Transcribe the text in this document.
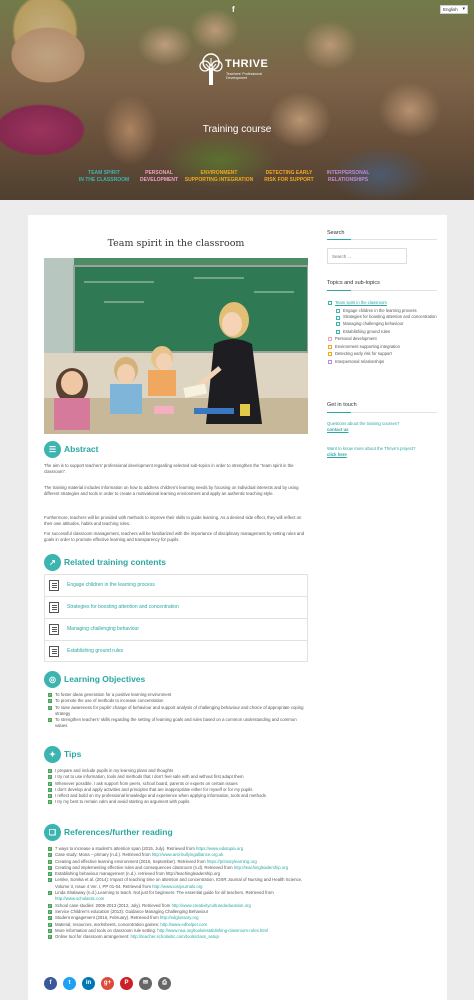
f	English ▾
THRIVE
Teachers' Professional Development
Training course
TEAM SPIRIT
IN THE CLASSROOM
PERSONAL
DEVELOPMENT
ENVIRONMENT
SUPPORTING INTEGRATION
DETECTING EARLY
RISK FOR SUPPORT
INTERPERSONAL
RELATIONSHIPS
Team spirit in the classroom
☰ Abstract
The aim is to support teachers' professional development regarding selected sub-topics in order to strengthen the "team spirit in the classroom".
The training material includes information on how to address children's learning needs by focusing on individual interests and by using different strategies and tools in order to create a motivational learning environment and apply an authentic teaching style.
Furthermore, teachers will be provided with methods to improve their skills to guide learning. As a desired side effect, they will reflect on their own attitudes, habits and teaching roles.
For successful classroom management, teachers will be familiarized with the importance of disciplinary management by setting rules and goals in order to promote effective learning and transparency for pupils.
↗ Related training contents
Engage children in the learning process
Strategies for boosting attention and concentration
Managing challenging behaviour
Establishing ground rules
◎ Learning Objectives
✓ To foster ideas generation for a positive learning environment
✓ To promote the use of methods to increase concentration
✓ To raise awareness for pupils' change of behaviour and support analysis of challenging behaviour and choice of appropriate coping strategy
✓ To strengthen teachers' skills regarding the setting of learning goals and rules based on a common understanding and common values
✦ Tips
✓ I prepare and include pupils in my learning plans and thoughts
✓ I try not to use information, tools and methods that I don't feel safe with and without first adapt them
✓ Whenever possible, I ask support from peers, school board, parents or experts on certain issues
✓ I don't develop and apply activities and principles that are inappropriate either for myself or for my pupils
✓ I reflect and build on my professional knowledge and experience when applying information, tools and methods
✓ I try my best to remain calm and avoid starting an argument with pupils
❑ References/further reading
✓ 7 ways to increase a student's attention span (2015, July). Retrieved from https://www.edutopia.org
✓ Case study: Mona – primary (n.d.). Retrieved from http://www.anti-bullyingalliance.org.uk
✓ Creating and effective learning environment (2016, September). Retrieved from https://primarylearning.org
✓ Creating and implementing effective rules and consequences classroom (n.d). Retrieved from http://teachingleadership.org
✓ Establishing behaviour management (n.d.). retrieved from http://teachingleadership.org
✓ Lemke, Somka et al. (2014): Impact of teaching time on attention and concentration. IOSR Journal of Nursing and Health Science, Volume 3, Issue 4 Ver. I, PP 01-04. Retrieved from http://www.iosrjournals.org
✓ Linda Shalaway (n.d.).Learning to teach. Not just for beginners: The essential guide for all teachers. Retrieved from http://www.scholastic.com
✓ School case studies: 2006-2013 (2012, July). Retrieved from http://www.creativityculturededucation.org
✓ Service Children's education (2013): Guidance Managing Challenging Behaviour
✓ Student engagement (2016, February). Retrieved from http://edglossary.org
✓ Material, resources, worksheets, concentration games: http://www.edhelper.com
✓ More information and tools on classroom rule setting: http://www.nea.org/tools/establishing-classroom-rules.html
✓ Online tool for classroom arrangement: http://teacher.scholastic.com/tools/class_setup
f	t	in	g+	P	✉	⎙
Search
Search ...
Topics and sub-topics
Team spirit in the classroom
Engage children in the learning process
Strategies for boosting attention and concentration
Managing challenging behaviour
Establishing ground rules
Personal development
Environment supporting integration
Detecting early risk for support
Interpersonal relationships
Get in touch
Questions about the training courses?
contact us
Want to know more about the Thrive's project?
click here
